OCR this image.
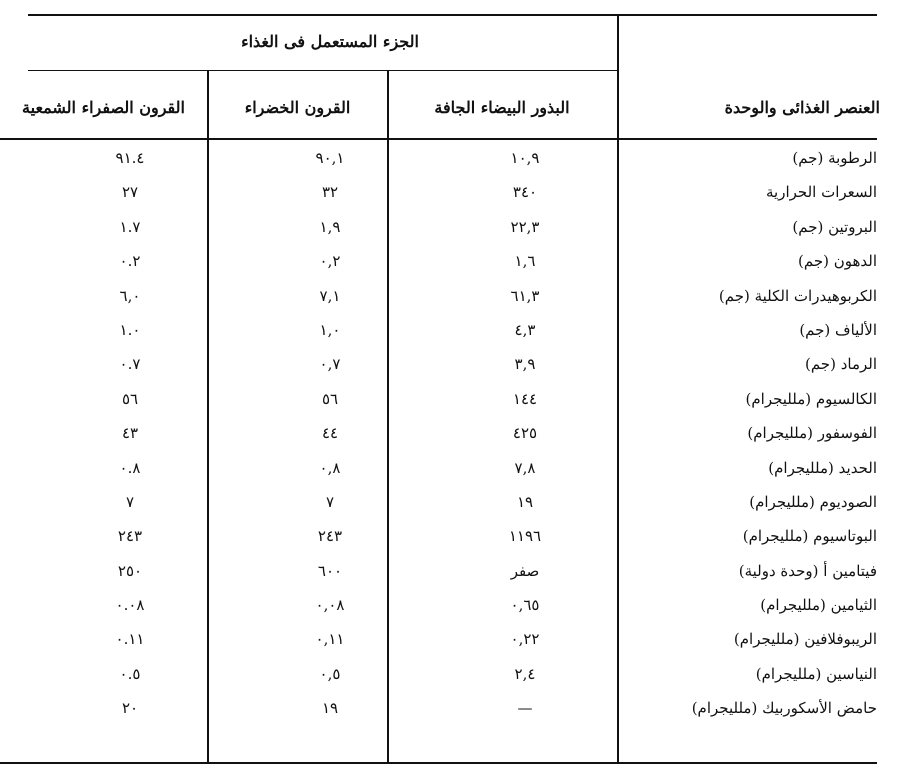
الجزء المستعمل فى الغذاء
العنصر الغذائى والوحدة
البذور البيضاء الجافة
القرون الخضراء
القرون الصفراء الشمعية
الرطوبة (جم)
١٠,٩
٩٠,١
٩١.٤
السعرات الحرارية
٣٤٠
٣٢
٢٧
البروتين (جم)
٢٢,٣
١,٩
١.٧
الدهون (جم)
١,٦
٠,٢
٠.٢
الكربوهيدرات الكلية (جم)
٦١,٣
٧,١
٦,٠
الألياف (جم)
٤,٣
١,٠
١.٠
الرماد (جم)
٣,٩
٠,٧
٠.٧
الكالسيوم (ملليجرام)
١٤٤
٥٦
٥٦
الفوسفور (ملليجرام)
٤٢٥
٤٤
٤٣
الحديد (ملليجرام)
٧,٨
٠,٨
٠.٨
الصوديوم (ملليجرام)
١٩
٧
٧
البوتاسيوم (ملليجرام)
١١٩٦
٢٤٣
٢٤٣
فيتامين أ (وحدة دولية)
صفر
٦٠٠
٢٥٠
الثيامين (ملليجرام)
٠,٦٥
٠,٠٨
٠.٠٨
الريبوفلافين (ملليجرام)
٠,٢٢
٠,١١
٠.١١
النياسين (ملليجرام)
٢,٤
٠,٥
٠.٥
حامض الأسكوربيك (ملليجرام)
—
١٩
٢٠
